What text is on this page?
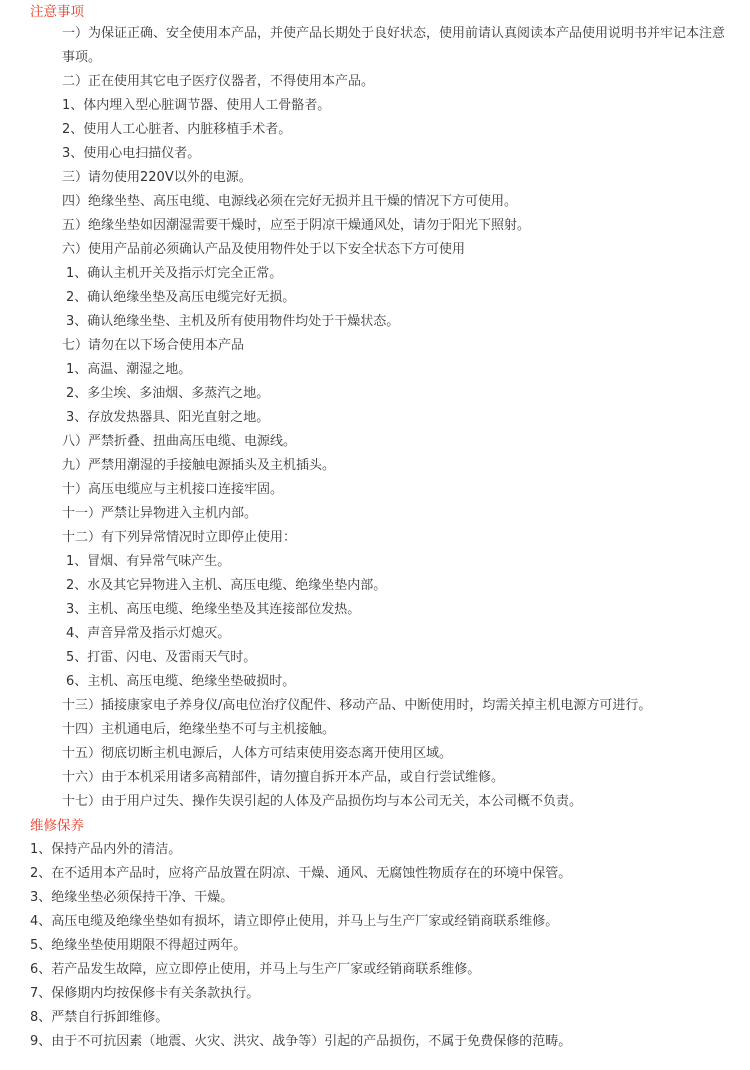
注意事项
一）为保证正确、安全使用本产品，并使产品长期处于良好状态，使用前请认真阅读本产品使用说明书并牢记本注意事项。
二）正在使用其它电子医疗仪器者，不得使用本产品。
1、体内埋入型心脏调节器、使用人工骨骼者。
2、使用人工心脏者、内脏移植手术者。
3、使用心电扫描仪者。
三）请勿使用220V以外的电源。
四）绝缘坐垫、高压电缆、电源线必须在完好无损并且干燥的情况下方可使用。
五）绝缘坐垫如因潮湿需要干燥时，应至于阴凉干燥通风处，请勿于阳光下照射。
六）使用产品前必须确认产品及使用物件处于以下安全状态下方可使用
1、确认主机开关及指示灯完全正常。
2、确认绝缘坐垫及高压电缆完好无损。
3、确认绝缘坐垫、主机及所有使用物件均处于干燥状态。
七）请勿在以下场合使用本产品
1、高温、潮湿之地。
2、多尘埃、多油烟、多蒸汽之地。
3、存放发热器具、阳光直射之地。
八）严禁折叠、扭曲高压电缆、电源线。
九）严禁用潮湿的手接触电源插头及主机插头。
十）高压电缆应与主机接口连接牢固。
十一）严禁让异物进入主机内部。
十二）有下列异常情况时立即停止使用：
1、冒烟、有异常气味产生。
2、水及其它异物进入主机、高压电缆、绝缘坐垫内部。
3、主机、高压电缆、绝缘坐垫及其连接部位发热。
4、声音异常及指示灯熄灭。
5、打雷、闪电、及雷雨天气时。
6、主机、高压电缆、绝缘坐垫破损时。
十三）插接康家电子养身仪/高电位治疗仪配件、移动产品、中断使用时，均需关掉主机电源方可进行。
十四）主机通电后，绝缘坐垫不可与主机接触。
十五）彻底切断主机电源后，人体方可结束使用姿态离开使用区域。
十六）由于本机采用诸多高精部件，请勿擅自拆开本产品，或自行尝试维修。
十七）由于用户过失、操作失误引起的人体及产品损伤均与本公司无关，本公司概不负责。
维修保养
1、保持产品内外的清洁。
2、在不适用本产品时，应将产品放置在阴凉、干燥、通风、无腐蚀性物质存在的环境中保管。
3、绝缘坐垫必须保持干净、干燥。
4、高压电缆及绝缘坐垫如有损坏，请立即停止使用，并马上与生产厂家或经销商联系维修。
5、绝缘坐垫使用期限不得超过两年。
6、若产品发生故障，应立即停止使用，并马上与生产厂家或经销商联系维修。
7、保修期内均按保修卡有关条款执行。
8、严禁自行拆卸维修。
9、由于不可抗因素（地震、火灾、洪灾、战争等）引起的产品损伤，不属于免费保修的范畴。
